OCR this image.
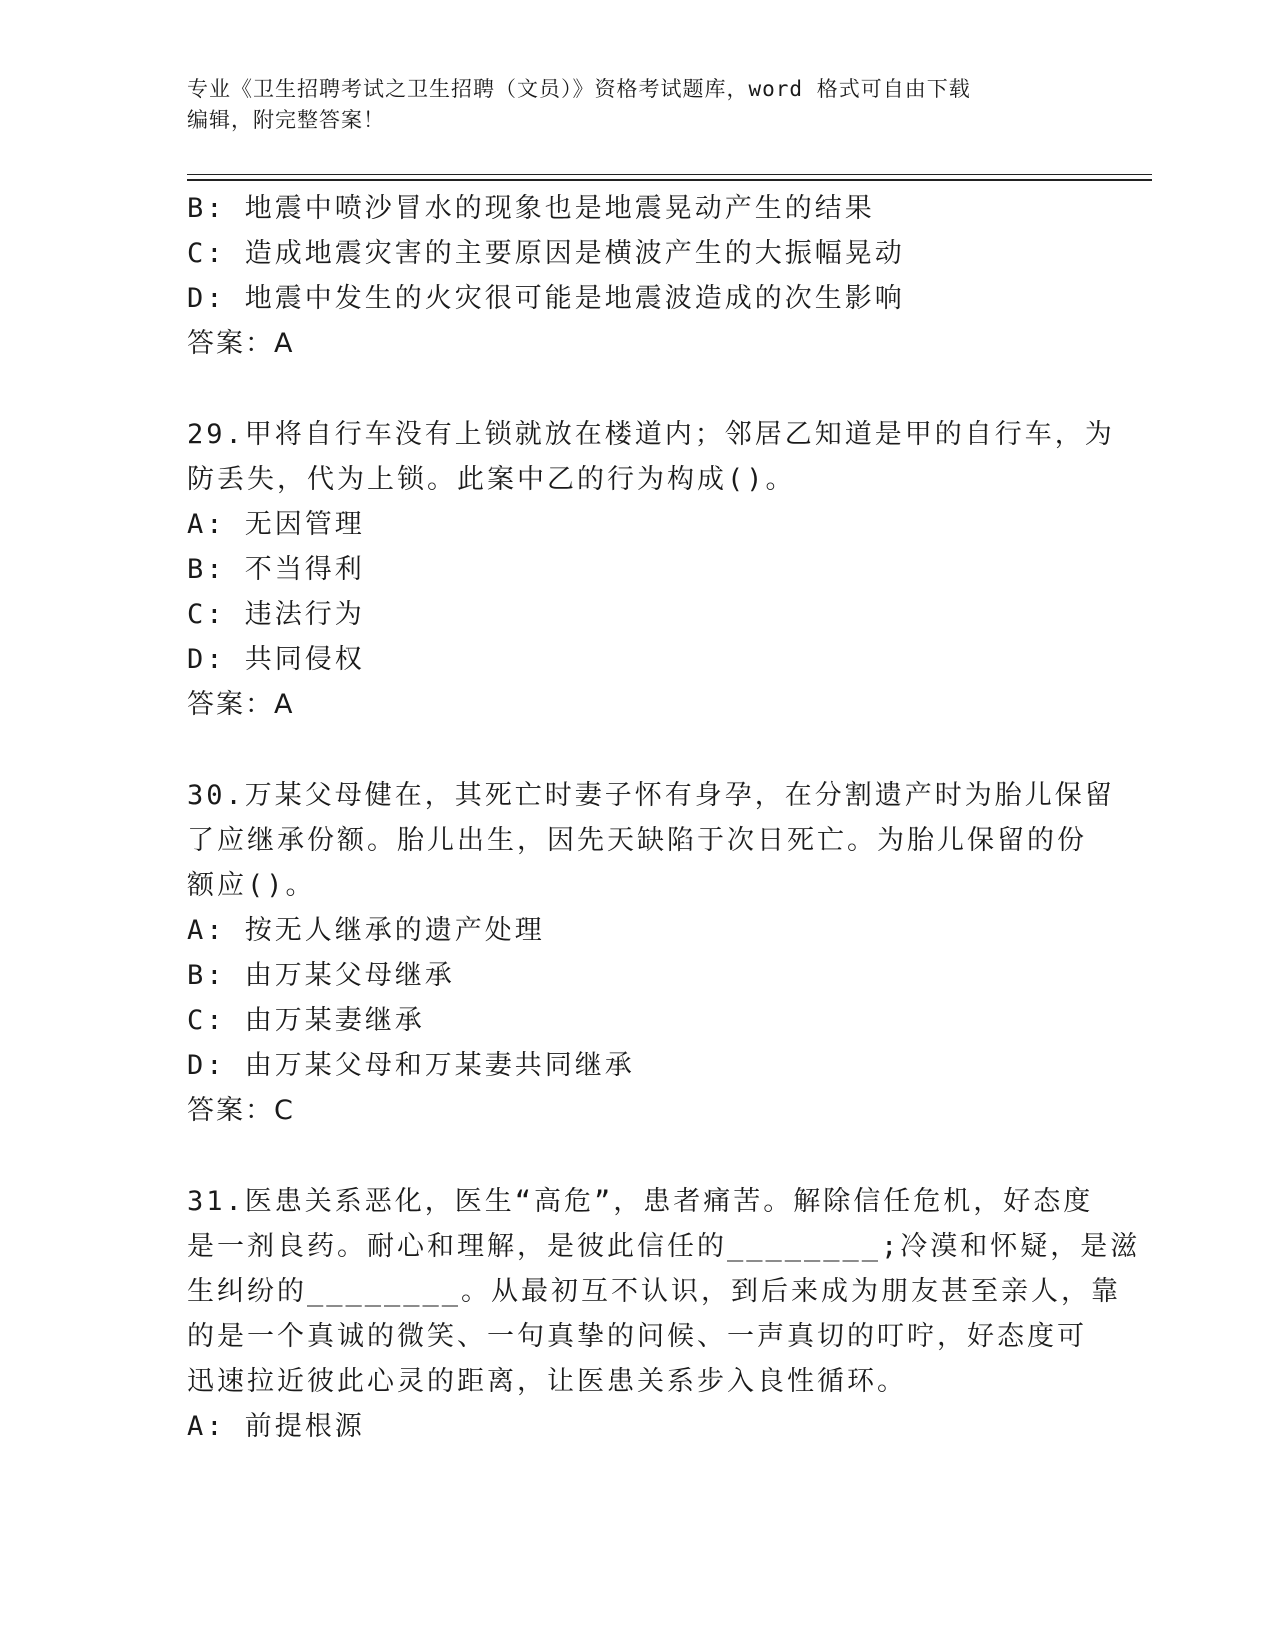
专业《卫生招聘考试之卫生招聘（文员）》资格考试题库，word 格式可自由下载
编辑，附完整答案！
B: 地震中喷沙冒水的现象也是地震晃动产生的结果
C: 造成地震灾害的主要原因是横波产生的大振幅晃动
D: 地震中发生的火灾很可能是地震波造成的次生影响
答案：A
29.甲将自行车没有上锁就放在楼道内；邻居乙知道是甲的自行车，为
防丢失，代为上锁。此案中乙的行为构成()。
A: 无因管理
B: 不当得利
C: 违法行为
D: 共同侵权
答案：A
30.万某父母健在，其死亡时妻子怀有身孕，在分割遗产时为胎儿保留
了应继承份额。胎儿出生，因先天缺陷于次日死亡。为胎儿保留的份
额应()。
A: 按无人继承的遗产处理
B: 由万某父母继承
C: 由万某妻继承
D: 由万某父母和万某妻共同继承
答案：C
31.医患关系恶化，医生“高危”，患者痛苦。解除信任危机，好态度
是一剂良药。耐心和理解，是彼此信任的________;冷漠和怀疑，是滋
生纠纷的________。从最初互不认识，到后来成为朋友甚至亲人，靠
的是一个真诚的微笑、一句真挚的问候、一声真切的叮咛，好态度可
迅速拉近彼此心灵的距离，让医患关系步入良性循环。
A: 前提根源
